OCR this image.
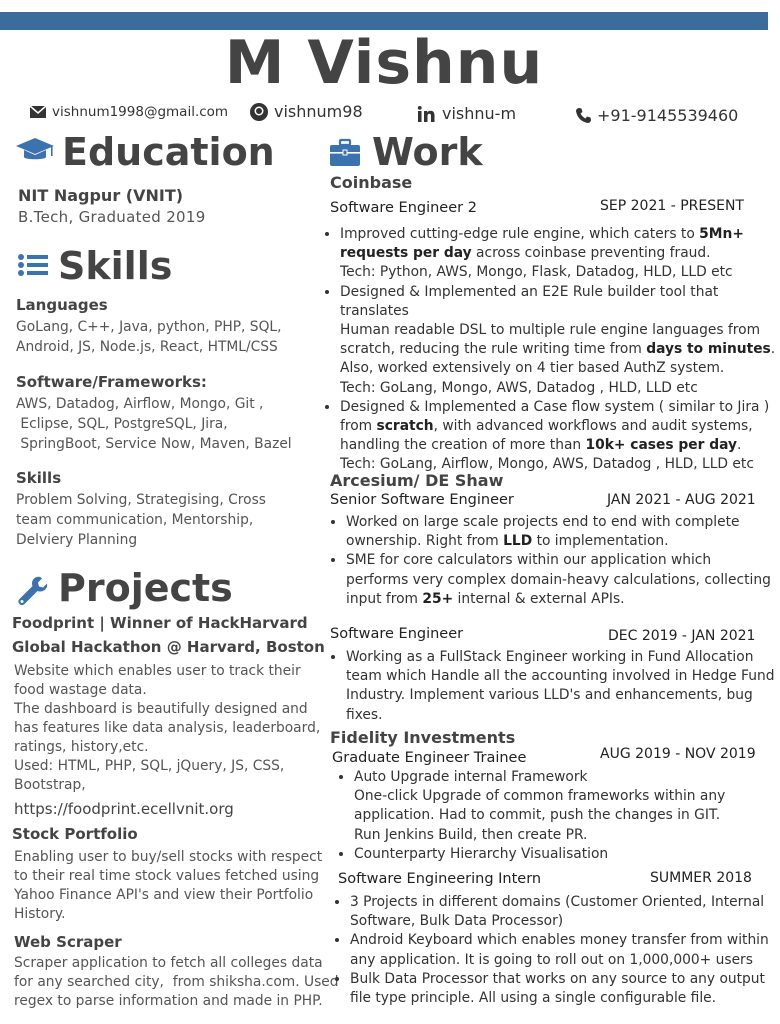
M Vishnu
vishnum1998@gmail.com	vishnum98	vishnu-m	+91-9145539460
Education
NIT Nagpur (VNIT)
B.Tech, Graduated 2019
Skills
Languages
GoLang, C++, Java, python, PHP, SQL,
Android, JS, Node.js, React, HTML/CSS
Software/Frameworks:
AWS, Datadog, Airflow, Mongo, Git ,
Eclipse, SQL, PostgreSQL, Jira,
SpringBoot, Service Now, Maven, Bazel
Skills
Problem Solving, Strategising, Cross
team communication, Mentorship,
Delviery Planning
Projects
Foodprint | Winner of HackHarvard
Global Hackathon @ Harvard, Boston
Website which enables user to track their
food wastage data.
The dashboard is beautifully designed and
has features like data analysis, leaderboard,
ratings, history,etc.
Used: HTML, PHP, SQL, jQuery, JS, CSS,
Bootstrap,
https://foodprint.ecellvnit.org
Stock Portfolio
Enabling user to buy/sell stocks with respect
to their real time stock values fetched using
Yahoo Finance API's and view their Portfolio
History.
Web Scraper
Scraper application to fetch all colleges data
for any searched city,  from shiksha.com. Used
regex to parse information and made in PHP.
Work
Coinbase
Software Engineer 2	SEP 2021 - PRESENT
• Improved cutting-edge rule engine, which caters to 5Mn+
requests per day across coinbase preventing fraud.
Tech: Python, AWS, Mongo, Flask, Datadog, HLD, LLD etc
• Designed & Implemented an E2E Rule builder tool that translates
Human readable DSL to multiple rule engine languages from
scratch, reducing the rule writing time from days to minutes.
Also, worked extensively on 4 tier based AuthZ system.
Tech: GoLang, Mongo, AWS, Datadog , HLD, LLD etc
• Designed & Implemented a Case flow system ( similar to Jira )
from scratch, with advanced workflows and audit systems,
handling the creation of more than 10k+ cases per day.
Tech: GoLang, Airflow, Mongo, AWS, Datadog , HLD, LLD etc
Arcesium/ DE Shaw
Senior Software Engineer	JAN 2021 - AUG 2021
• Worked on large scale projects end to end with complete
ownership. Right from LLD to implementation.
• SME for core calculators within our application which
performs very complex domain-heavy calculations, collecting
input from 25+ internal & external APIs.
Software Engineer	DEC 2019 - JAN 2021
• Working as a FullStack Engineer working in Fund Allocation
team which Handle all the accounting involved in Hedge Fund
Industry. Implement various LLD's and enhancements, bug
fixes.
Fidelity Investments
Graduate Engineer Trainee	AUG 2019 - NOV 2019
• Auto Upgrade internal Framework
One-click Upgrade of common frameworks within any
application. Had to commit, push the changes in GIT.
Run Jenkins Build, then create PR.
• Counterparty Hierarchy Visualisation
Software Engineering Intern	SUMMER 2018
• 3 Projects in different domains (Customer Oriented, Internal
Software, Bulk Data Processor)
• Android Keyboard which enables money transfer from within
any application. It is going to roll out on 1,000,000+ users
• Bulk Data Processor that works on any source to any output
file type principle. All using a single configurable file.
